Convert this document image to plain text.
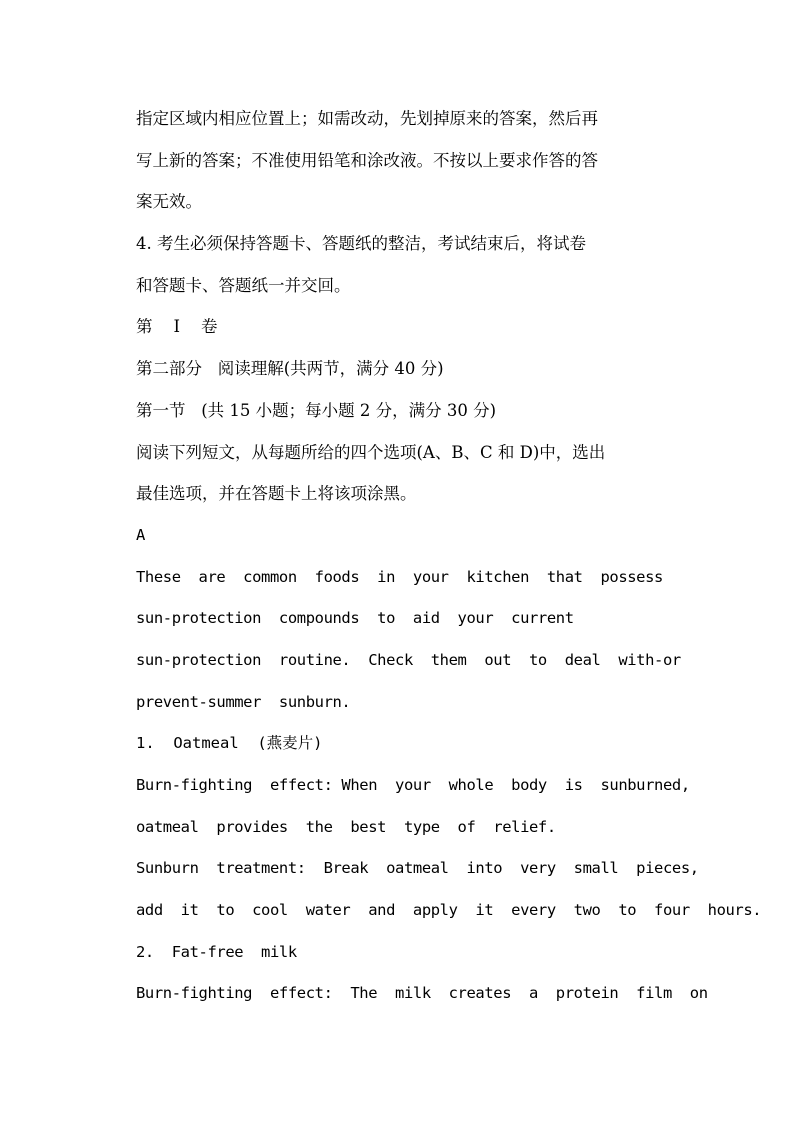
指定区域内相应位置上；如需改动，先划掉原来的答案，然后再
写上新的答案；不准使用铅笔和涂改液。不按以上要求作答的答
案无效。
4. 考生必须保持答题卡、答题纸的整洁，考试结束后，将试卷
和答题卡、答题纸一并交回。
第    I    卷
第二部分   阅读理解(共两节，满分 40 分)
第一节   (共 15 小题；每小题 2 分，满分 30 分)
阅读下列短文，从每题所给的四个选项(A、B、C 和 D)中，选出
最佳选项，并在答题卡上将该项涂黑。
A
These  are  common  foods  in  your  kitchen  that  possess
sun-protection  compounds  to  aid  your  current
sun-protection  routine.  Check  them  out  to  deal  with-or
prevent-summer  sunburn.
1.  Oatmeal  (燕麦片)
Burn-fighting  effect: When  your  whole  body  is  sunburned,
oatmeal  provides  the  best  type  of  relief.
Sunburn  treatment:  Break  oatmeal  into  very  small  pieces,
add  it  to  cool  water  and  apply  it  every  two  to  four  hours.
2.  Fat-free  milk
Burn-fighting  effect:  The  milk  creates  a  protein  film  on
